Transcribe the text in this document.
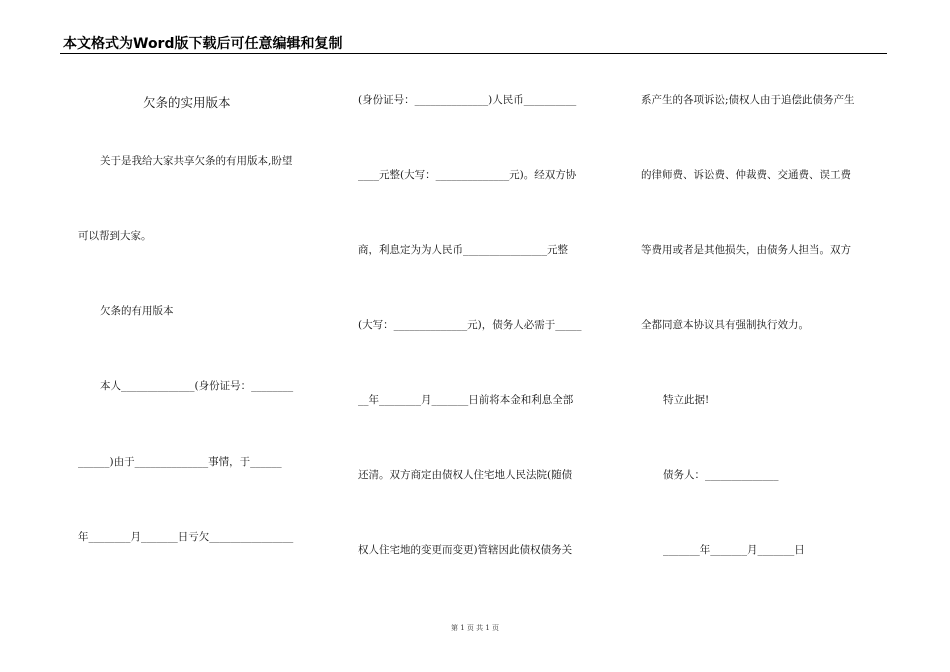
本文格式为Word版下载后可任意编辑和复制
欠条的实用版本
关于是我给大家共享欠条的有用版本,盼望
可以帮到大家。
欠条的有用版本
本人______________(身份证号：________
______)由于______________事情，于______
年________月_______日亏欠________________
(身份证号：______________)人民币__________
____元整(大写：______________元)。经双方协
商，利息定为为人民币________________元整
(大写：______________元)，债务人必需于_____
__年________月_______日前将本金和利息全部
还清。双方商定由债权人住宅地人民法院(随债
权人住宅地的变更而变更)管辖因此债权债务关
系产生的各项诉讼;债权人由于追偿此债务产生
的律师费、诉讼费、仲裁费、交通费、误工费
等费用或者是其他损失，由债务人担当。双方
全都同意本协议具有强制执行效力。
特立此据!
债务人：______________
_______年_______月_______日
第 1 页 共 1 页
